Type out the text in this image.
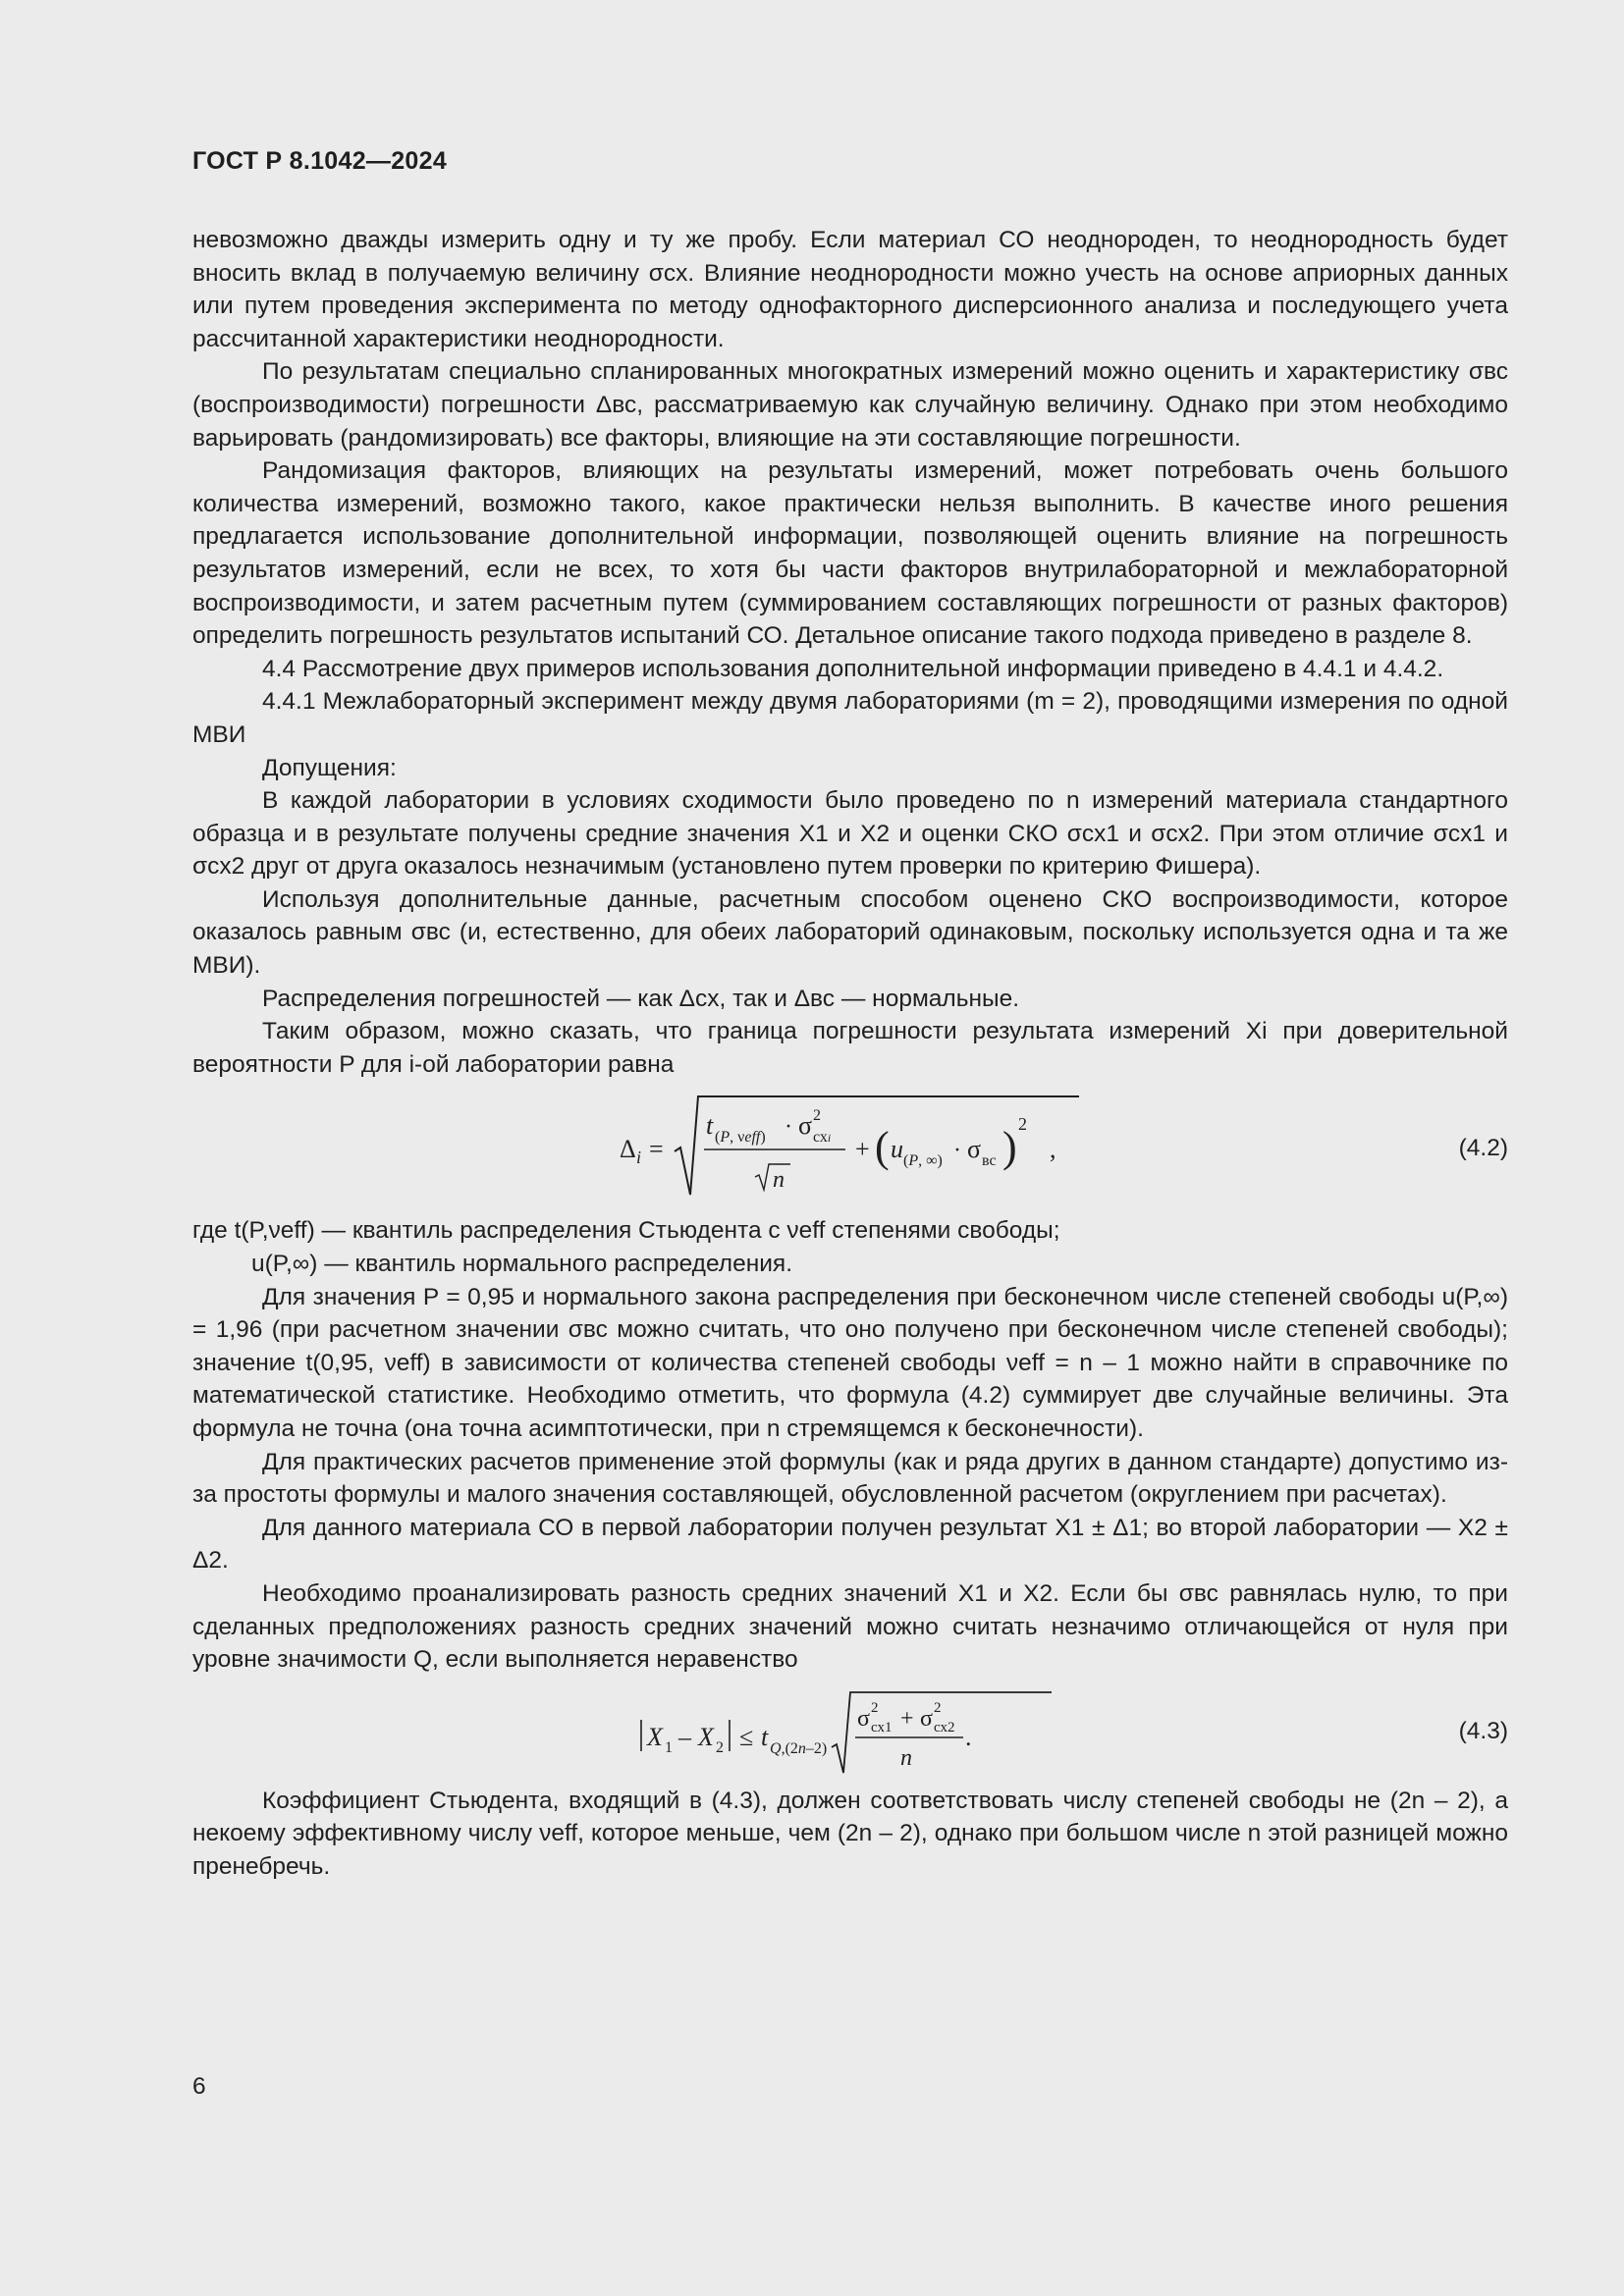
ГОСТ Р 8.1042—2024

невозможно дважды измерить одну и ту же пробу. Если материал СО неоднороден, то неоднородность будет вносить вклад в получаемую величину σсх. Влияние неоднородности можно учесть на основе априорных данных или путем проведения эксперимента по методу однофакторного дисперсионного анализа и последующего учета рассчитанной характеристики неоднородности.

По результатам специально спланированных многократных измерений можно оценить и характеристику σвс (воспроизводимости) погрешности Δвс, рассматриваемую как случайную величину. Однако при этом необходимо варьировать (рандомизировать) все факторы, влияющие на эти составляющие погрешности.

Рандомизация факторов, влияющих на результаты измерений, может потребовать очень большого количества измерений, возможно такого, какое практически нельзя выполнить. В качестве иного решения предлагается использование дополнительной информации, позволяющей оценить влияние на погрешность результатов измерений, если не всех, то хотя бы части факторов внутрилабораторной и межлабораторной воспроизводимости, и затем расчетным путем (суммированием составляющих погрешности от разных факторов) определить погрешность результатов испытаний СО. Детальное описание такого подхода приведено в разделе 8.

4.4 Рассмотрение двух примеров использования дополнительной информации приведено в 4.4.1 и 4.4.2.

4.4.1 Межлабораторный эксперимент между двумя лабораториями (m = 2), проводящими измерения по одной МВИ

Допущения:

В каждой лаборатории в условиях сходимости было проведено по n измерений материала стандартного образца и в результате получены средние значения X1 и X2 и оценки СКО σсх1 и σсх2. При этом отличие σсх1 и σсх2 друг от друга оказалось незначимым (установлено путем проверки по критерию Фишера).

Используя дополнительные данные, расчетным способом оценено СКО воспроизводимости, которое оказалось равным σвс (и, естественно, для обеих лабораторий одинаковым, поскольку используется одна и та же МВИ).

Распределения погрешностей — как Δсх, так и Δвс — нормальные.

Таким образом, можно сказать, что граница погрешности результата измерений Xi при доверительной вероятности P для i-ой лаборатории равна

Δ i =
t (P, νeff) · σ 2
схi
n
+ ( u (P, ∞) · σ вс ) 2
,	(4.2)

где t(P,νeff) — квантиль распределения Стьюдента с νeff степенями свободы;

u(P,∞) — квантиль нормального распределения.

Для значения P = 0,95 и нормального закона распределения при бесконечном числе степеней свободы u(P,∞) = 1,96 (при расчетном значении σвс можно считать, что оно получено при бесконечном числе степеней свободы); значение t(0,95, νeff) в зависимости от количества степеней свободы νeff = n – 1 можно найти в справочнике по математической статистике. Необходимо отметить, что формула (4.2) суммирует две случайные величины. Эта формула не точна (она точна асимптотически, при n стремящемся к бесконечности).

Для практических расчетов применение этой формулы (как и ряда других в данном стандарте) допустимо из-за простоты формулы и малого значения составляющей, обусловленной расчетом (округлением при расчетах).

Для данного материала СО в первой лаборатории получен результат X1 ± Δ1; во второй лаборатории — X2 ± Δ2.

Необходимо проанализировать разность средних значений X1 и X2. Если бы σвс равнялась нулю, то при сделанных предположениях разность средних значений можно считать незначимо отличающейся от нуля при уровне значимости Q, если выполняется неравенство

X 1 – X 2 ≤ t Q,(2n–2)
σ 2
сх1 + σ 2
сх2
n
.	(4.3)

Коэффициент Стьюдента, входящий в (4.3), должен соответствовать числу степеней свободы не (2n – 2), а некоему эффективному числу νeff, которое меньше, чем (2n – 2), однако при большом числе n этой разницей можно пренебречь.

6
